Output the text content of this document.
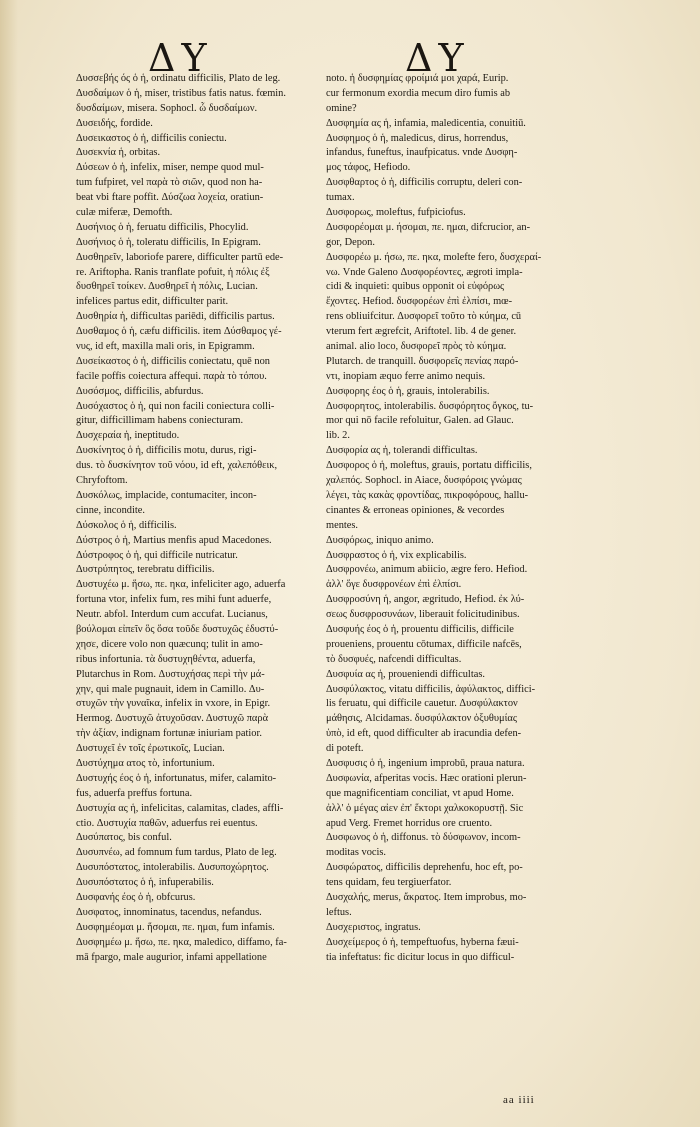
ΔΥ	ΔΥ
Δυσσεβής ός ὁ ἡ, ordinatu difficilis, Plato de leg.
Δυσδαίμων ὁ ἡ, miser, tristibus fatis natus. fœmin.
δυσδαίμων, misera. Sophocl. ὦ δυσδαίμων.
Δυσειδής, fordide.
Δυσεικαστος ὁ ἡ, difficilis coniectu.
Δυσεκνία ἡ, orbitas.
Δύσεων ὁ ἡ, infelix, miser, nempe quod mul-
tum fufpiret, vel παρὰ τὸ σιῶν, quod non ha-
beat vbi ftare poffit. Δύσζωα λοχεία, oratiun-
culæ miferæ, Demofth.
Δυσήνιος ὁ ἡ, feruatu difficilis, Phocylid.
Δυσήνιος ὁ ἡ, toleratu difficilis, In Epigram.
Δυσθηρεῖν, laboriofe parere, difficulter partū ede-
re. Ariftopha. Ranis tranflate pofuit, ἡ πόλις ἐξ
δυσθηρεῖ τοίκεν. Δυσθηρεῖ ἡ πόλις, Lucian.
infelices partus edit, difficulter parit.
Δυσθηρία ἡ, difficultas pariēdi, difficilis partus.
Δυσθαμος ὁ ἡ, cæfu difficilis. item Δύσθαμος γέ-
νυς, id eft, maxilla mali oris, in Epigramm.
Δυσείκαστος ὁ ἡ, difficilis coniectatu, quē non
facile poffis coiectura affequi. παρὰ τὸ τόπου.
Δυσόσμος, difficilis, abfurdus.
Δυσόχαστος ὁ ἡ, qui non facili coniectura colli-
gitur, difficillimam habens coniecturam.
Δυσχεραία ἡ, ineptitudo.
Δυσκίνητος ὁ ἡ, difficilis motu, durus, rigi-
dus. τὸ δυσκίνητον τοῦ νόου, id eft, χαλεπόθεικ,
Chryfoftom.
Δυσκόλως, implacide, contumaciter, incon-
cinne, incondite.
Δύσκολος ὁ ἡ, difficilis.
Δύστρος ὁ ἡ, Martius menfis apud Macedones.
Δύστροφος ὁ ἡ, qui difficile nutricatur.
Δυστρύπητος, terebratu difficilis.
Δυστυχέω μ. ἥσω, πε. ηκα, infeliciter ago, aduerfa
fortuna vtor, infelix fum, res mihi funt aduerfe,
Neutr. abfol. Interdum cum accufat. Lucianus,
βούλομαι εἰπεῖν ὃς ὅσα τοῦδε δυστυχῶς ἐδυστύ-
χησε, dicere volo non quæcunq; tulit in amo-
ribus infortunia. τὰ δυστυχηθέντα, aduerfa,
Plutarchus in Rom. Δυστυχήσας περὶ τὴν μά-
χην, qui male pugnauit, idem in Camillo. Δυ-
στυχῶν τὴν γυναῖκα, infelix in vxore, in Epigr.
Hermog. Δυστυχῶ ἀτυχοῦσαν. Δυστυχῶ παρὰ
τὴν ἀξίαν, indignam fortunæ iniuriam patior.
Δυστυχεῖ ἐν τοῖς ἐρωτικοῖς, Lucian.
Δυστύχημα ατος τὸ, infortunium.
Δυστυχής έος ὁ ἡ, infortunatus, mifer, calamito-
fus, aduerfa preffus fortuna.
Δυστυχία ας ἡ, infelicitas, calamitas, clades, affli-
ctio. Δυστυχία παθῶν, aduerfus rei euentus.
Δυσύπατος, bis conful.
Δυσυπνέω, ad fomnum fum tardus, Plato de leg.
Δυσυπόστατος, intolerabilis. Δυσυποχώρητος.
Δυσυπόστατος ὁ ἡ, infuperabilis.
Δυσφανής έος ὁ ἡ, obfcurus.
Δυσφατος, innominatus, tacendus, nefandus.
Δυσφημέομαι μ. ἥσομαι, πε. ημαι, fum infamis.
Δυσφημέω μ. ἥσω, πε. ηκα, maledico, diffamo, fa-
mā fpargo, male augurior, infami appellatione
noto. ἡ δυσφημίας φροίμιά μοι χαρά, Eurip.
cur fermonum exordia mecum diro fumis ab
omine?
Δυσφημία ας ἡ, infamia, maledicentia, conuitiū.
Δυσφημος ὁ ἡ, maledicus, dirus, horrendus,
infandus, funeftus, inaufpicatus. vnde Δυσφη-
μος τάφος, Hefiodo.
Δυσφθαρτος ὁ ἡ, difficilis corruptu, deleri con-
tumax.
Δυσφορως, moleftus, fufpiciofus.
Δυσφορέομαι μ. ήσομαι, πε. ημαι, difcrucior, an-
gor, Depon.
Δυσφορέω μ. ήσω, πε. ηκα, molefte fero, δυσχεραί-
νω. Vnde Galeno Δυσφορέοντες, ægroti impla-
cidi & inquieti: quibus opponit οἱ εὐφόρως
ἔχοντες. Hefiod. δυσφορέων ἐπὶ ἐλπίσι, mœ-
rens obliuifcitur. Δυσφορεῖ τοῦτο τὸ κύημα, cū
vterum fert ægrefcit, Ariftotel. lib. 4 de gener.
animal. alio loco, δυσφορεῖ πρὸς τὸ κύημα.
Plutarch. de tranquill. δυσφορεῖς πενίας παρό-
ντι, inopiam æquo ferre animo nequis.
Δυσφορης έος ὁ ἡ, grauis, intolerabilis.
Δυσφορητος, intolerabilis. δυσφόρητος ὄγκος, tu-
mor qui nō facile refoluitur, Galen. ad Glauc.
lib. 2.
Δυσφορία ας ἡ, tolerandi difficultas.
Δυσφορος ὁ ἡ, moleftus, grauis, portatu difficilis,
χαλεπός. Sophocl. in Aiace, δυσφόροις γνώμας
λέγει, τὰς κακὰς φροντίδας, πικροφόρους, hallu-
cinantes & erroneas opiniones, & vecordes
mentes.
Δυσφόρως, iniquo animo.
Δυσφραστος ὁ ἡ, vix explicabilis.
Δυσφρονέω, animum abiicio, ægre fero. Hefiod.
ἀλλ' ὅγε δυσφρονέων ἐπὶ ἐλπίσι.
Δυσφροσύνη ἡ, angor, ægritudo, Hefiod. ἐκ λύ-
σεως δυσφροσυνάων, liberauit folicitudinibus.
Δυσφυής έος ὁ ἡ, prouentu difficilis, difficile
proueniens, prouentu cōtumax, difficile nafcēs,
τὸ δυσφυές, nafcendi difficultas.
Δυσφυία ας ἡ, proueniendi difficultas.
Δυσφύλακτος, vitatu difficilis, ἀφύλακτος, diffici-
lis feruatu, qui difficile cauetur. Δυσφύλακτον
μάθησις, Alcidamas. δυσφύλακτον ὀξυθυμίας
ὑπὸ, id eft, quod difficulter ab iracundia defen-
di poteft.
Δυσφυσις ὁ ἡ, ingenium improbū, praua natura.
Δυσφωνία, afperitas vocis. Hæc orationi plerun-
que magnificentiam conciliat, vt apud Home.
ἀλλ' ὁ μέγας αἰεν ἐπ' ἕκτορι χαλκοκορυστῇ. Sic
apud Verg. Fremet horridus ore cruento.
Δυσφωνος ὁ ἡ, diffonus. τὸ δύσφωνον, incom-
moditas vocis.
Δυσφώρατος, difficilis deprehenfu, hoc eft, po-
tens quidam, feu tergiuerfator.
Δυσχαλής, merus, ἄκρατος. Item improbus, mo-
leftus.
Δυσχεριστος, ingratus.
Δυσχείμερος ὁ ἡ, tempeftuofus, hyberna fæui-
tia infeftatus: fic dicitur locus in quo difficul-
aa iiii
